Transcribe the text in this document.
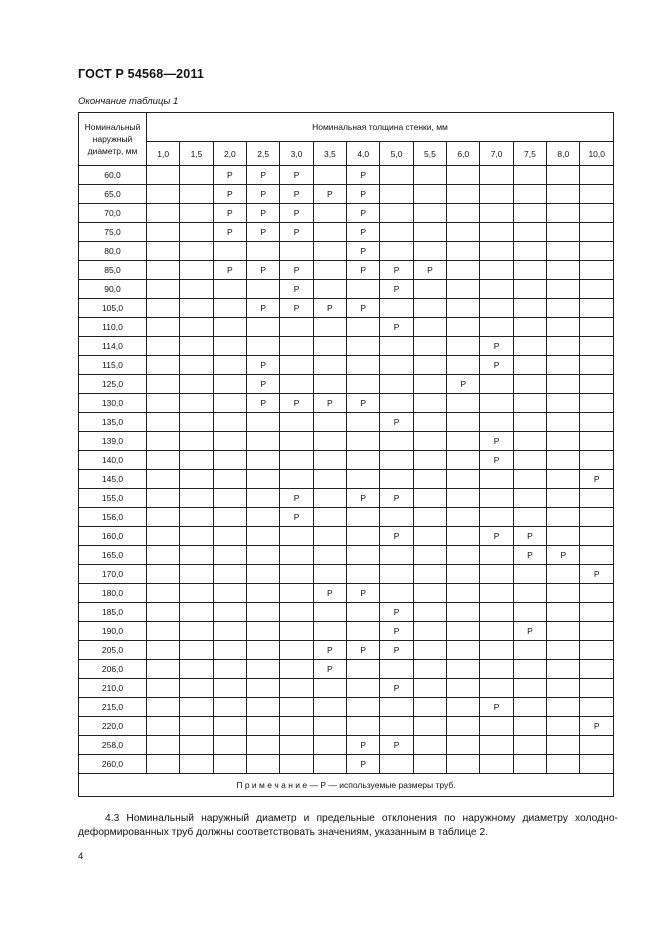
ГОСТ Р 54568—2011
Окончание таблицы 1
Номинальный наружный диаметр, мм	Номинальная толщина стенки, мм													
	1,0	1,5	2,0	2,5	3,0	3,5	4,0	5,0	5,5	6,0	7,0	7,5	8,0	10,0
60,0			Р	Р	Р		Р							
65,0			Р	Р	Р	Р	Р							
70,0			Р	Р	Р		Р							
75,0			Р	Р	Р		Р							
80,0							Р							
85,0			Р	Р	Р		Р	Р	Р					
90,0					Р			Р						
105,0				Р	Р	Р	Р							
110,0								Р						
114,0											Р			
115,0				Р							Р			
125,0				Р						Р				
130,0				Р	Р	Р	Р							
135,0								Р						
139,0											Р			
140,0											Р			
145,0														Р
155,0					Р		Р	Р						
156,0					Р									
160,0								Р			Р	Р		
165,0												Р	Р	
170,0														Р
180,0						Р	Р							
185,0								Р						
190,0								Р				Р		
205,0						Р	Р	Р						
206,0						Р								
210,0								Р						
215,0											Р			
220,0														Р
258,0							Р	Р						
260,0							Р							
П р и м е ч а н и е — Р — используемые размеры труб.														
4.3 Номинальный наружный диаметр и предельные отклонения по наружному диаметру холодно-деформированных труб должны соответствовать значениям, указанным в таблице 2.
4
